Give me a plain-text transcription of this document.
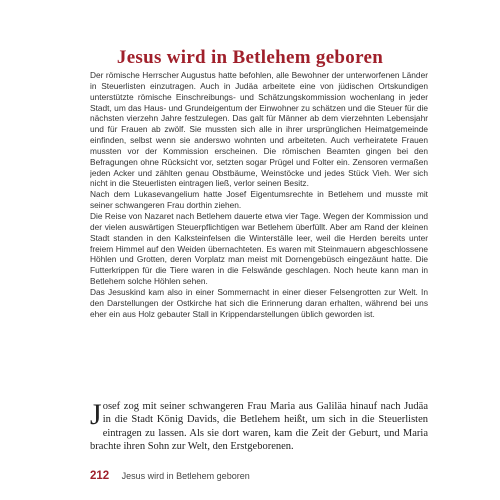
Jesus wird in Betlehem geboren

Der römische Herrscher Augustus hatte befohlen, alle Bewohner der unterworfenen Länder in Steuerlisten einzutragen. Auch in Judäa arbeitete eine von jüdischen Ortskundigen unterstützte römische Einschreibungs- und Schätzungskommission wochenlang in jeder Stadt, um das Haus- und Grundeigentum der Einwohner zu schätzen und die Steuer für die nächsten vierzehn Jahre festzulegen. Das galt für Männer ab dem vierzehnten Lebensjahr und für Frauen ab zwölf. Sie mussten sich alle in ihrer ursprünglichen Heimatgemeinde einfinden, selbst wenn sie anderswo wohnten und arbeiteten. Auch verheiratete Frauen mussten vor der Kommission erscheinen. Die römischen Beamten gingen bei den Befragungen ohne Rücksicht vor, setzten sogar Prügel und Folter ein. Zensoren vermaßen jeden Acker und zählten genau Obstbäume, Weinstöcke und jedes Stück Vieh. Wer sich nicht in die Steuerlisten eintragen ließ, verlor seinen Besitz.

Nach dem Lukasevangelium hatte Josef Eigentumsrechte in Betlehem und musste mit seiner schwangeren Frau dorthin ziehen.

Die Reise von Nazaret nach Betlehem dauerte etwa vier Tage. Wegen der Kommission und der vielen auswärtigen Steuerpflichtigen war Betlehem überfüllt. Aber am Rand der kleinen Stadt standen in den Kalksteinfelsen die Winterställe leer, weil die Herden bereits unter freiem Himmel auf den Weiden übernachteten. Es waren mit Steinmauern abgeschlossene Höhlen und Grotten, deren Vorplatz man meist mit Dornengebüsch eingezäunt hatte. Die Futterkrippen für die Tiere waren in die Felswände geschlagen. Noch heute kann man in Betlehem solche Höhlen sehen.

Das Jesuskind kam also in einer Sommernacht in einer dieser Felsengrotten zur Welt. In den Darstellungen der Ostkirche hat sich die Erinnerung daran erhalten, während bei uns eher ein aus Holz gebauter Stall in Krippendarstellungen üblich geworden ist.

Josef zog mit seiner schwangeren Frau Maria aus Galiläa hinauf nach Judäa in die Stadt König Davids, die Betlehem heißt, um sich in die Steuerlisten eintragen zu lassen. Als sie dort waren, kam die Zeit der Geburt, und Maria brachte ihren Sohn zur Welt, den Erstgeborenen.
212 Jesus wird in Betlehem geboren
